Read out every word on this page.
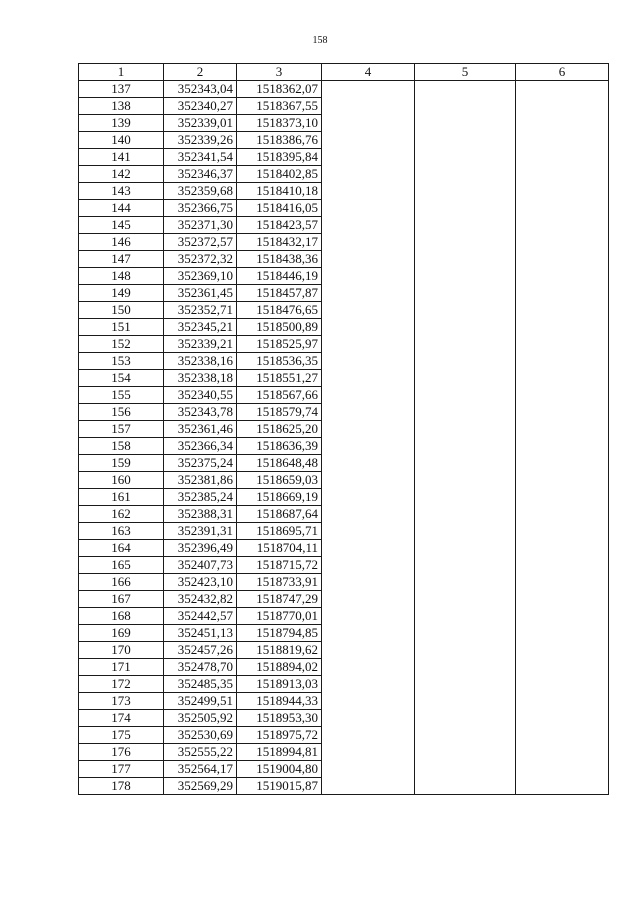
158
1	2	3	4	5	6
137	352343,04	1518362,07			
138	352340,27	1518367,55			
139	352339,01	1518373,10			
140	352339,26	1518386,76			
141	352341,54	1518395,84			
142	352346,37	1518402,85			
143	352359,68	1518410,18			
144	352366,75	1518416,05			
145	352371,30	1518423,57			
146	352372,57	1518432,17			
147	352372,32	1518438,36			
148	352369,10	1518446,19			
149	352361,45	1518457,87			
150	352352,71	1518476,65			
151	352345,21	1518500,89			
152	352339,21	1518525,97			
153	352338,16	1518536,35			
154	352338,18	1518551,27			
155	352340,55	1518567,66			
156	352343,78	1518579,74			
157	352361,46	1518625,20			
158	352366,34	1518636,39			
159	352375,24	1518648,48			
160	352381,86	1518659,03			
161	352385,24	1518669,19			
162	352388,31	1518687,64			
163	352391,31	1518695,71			
164	352396,49	1518704,11			
165	352407,73	1518715,72			
166	352423,10	1518733,91			
167	352432,82	1518747,29			
168	352442,57	1518770,01			
169	352451,13	1518794,85			
170	352457,26	1518819,62			
171	352478,70	1518894,02			
172	352485,35	1518913,03			
173	352499,51	1518944,33			
174	352505,92	1518953,30			
175	352530,69	1518975,72			
176	352555,22	1518994,81			
177	352564,17	1519004,80			
178	352569,29	1519015,87			
